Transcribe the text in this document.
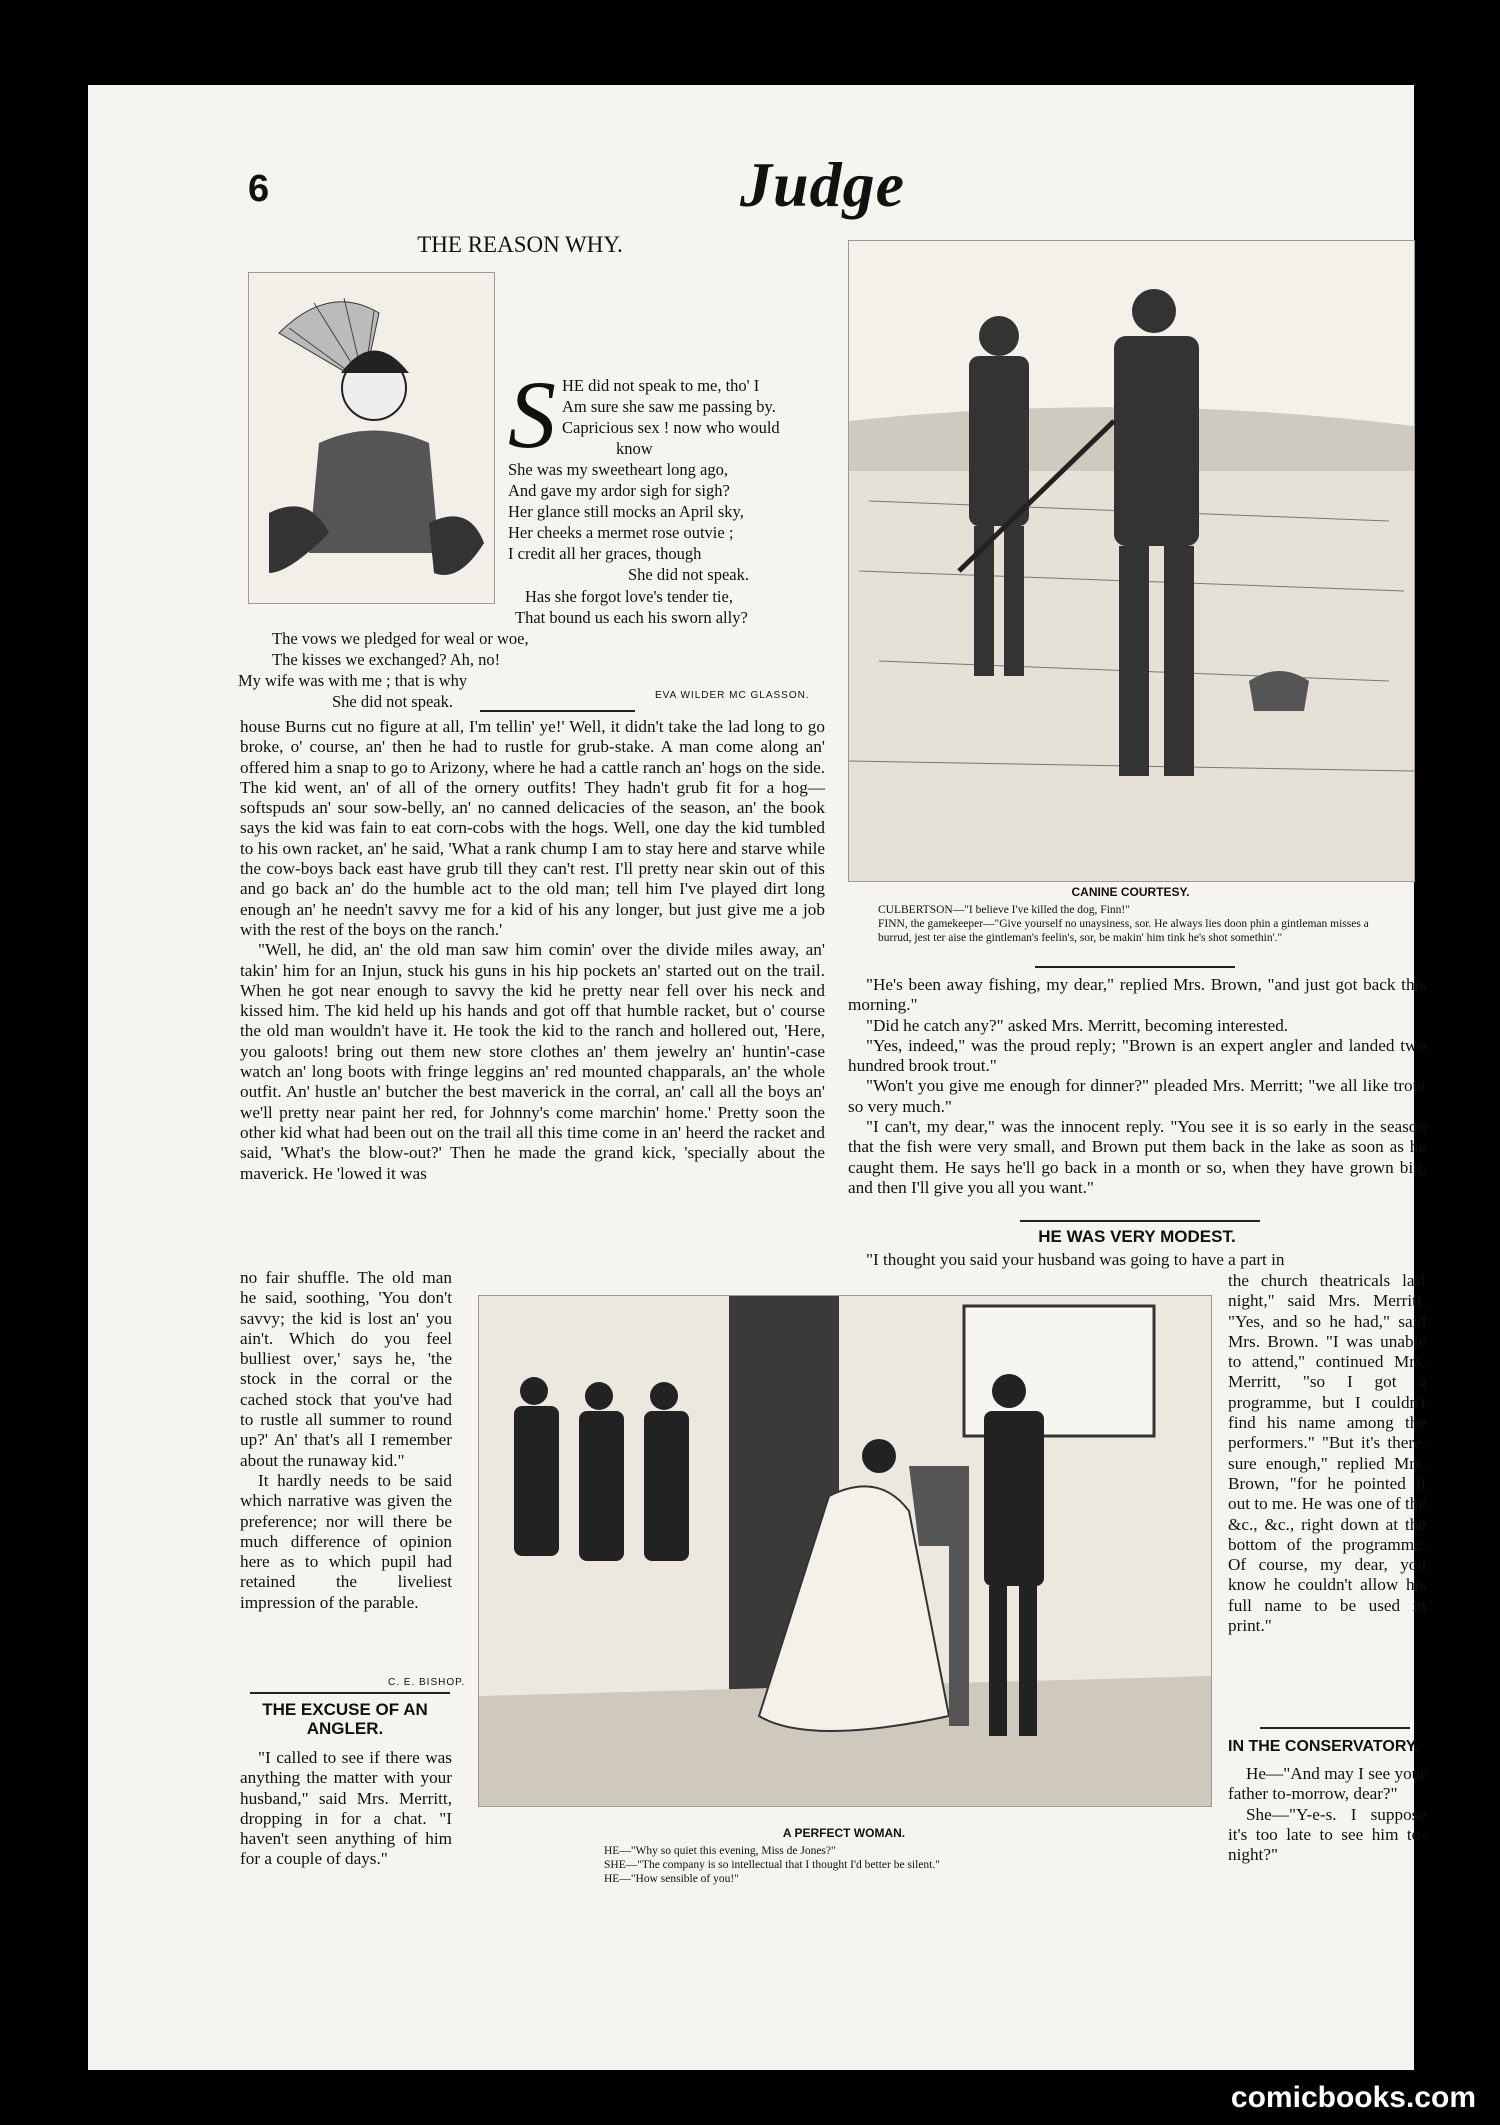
6	Judge
THE REASON WHY.
S HE did not speak to me, tho' I
Am sure she saw me passing by.
Capricious sex ! now who would
know
She was my sweetheart long ago,
And gave my ardor sigh for sigh?
Her glance still mocks an April sky,
Her cheeks a mermet rose outvie ;
I credit all her graces, though
She did not speak.
Has she forgot love's tender tie,
That bound us each his sworn ally?
The vows we pledged for weal or woe,
The kisses we exchanged? Ah, no!
My wife was with me ; that is why
She did not speak.	EVA WILDER MC GLASSON.

house Burns cut no figure at all, I'm tellin' ye!' Well, it didn't take the lad long to go broke, o' course, an' then he had to rustle for grub-stake. A man come along an' offered him a snap to go to Arizony, where he had a cattle ranch an' hogs on the side. The kid went, an' of all of the ornery outfits! They hadn't grub fit for a hog—softspuds an' sour sow-belly, an' no canned delicacies of the season, an' the book says the kid was fain to eat corn-cobs with the hogs. Well, one day the kid tumbled to his own racket, an' he said, 'What a rank chump I am to stay here and starve while the cow-boys back east have grub till they can't rest. I'll pretty near skin out of this and go back an' do the humble act to the old man; tell him I've played dirt long enough an' he needn't savvy me for a kid of his any longer, but just give me a job with the rest of the boys on the ranch.'

"Well, he did, an' the old man saw him comin' over the divide miles away, an' takin' him for an Injun, stuck his guns in his hip pockets an' started out on the trail. When he got near enough to savvy the kid he pretty near fell over his neck and kissed him. The kid held up his hands and got off that humble racket, but o' course the old man wouldn't have it. He took the kid to the ranch and hollered out, 'Here, you galoots! bring out them new store clothes an' them jewelry an' huntin'-case watch an' long boots with fringe leggins an' red mounted chapparals, an' the whole outfit. An' hustle an' butcher the best maverick in the corral, an' call all the boys an' we'll pretty near paint her red, for Johnny's come marchin' home.' Pretty soon the other kid what had been out on the trail all this time come in an' heerd the racket and said, 'What's the blow-out?' Then he made the grand kick, 'specially about the maverick. He 'lowed it was

no fair shuffle. The old man he said, soothing, 'You don't savvy; the kid is lost an' you ain't. Which do you feel bulliest over,' says he, 'the stock in the corral or the cached stock that you've had to rustle all summer to round up?' An' that's all I remember about the runaway kid."

It hardly needs to be said which narrative was given the preference; nor will there be much difference of opinion here as to which pupil had retained the liveliest impression of the parable.

C. E. BISHOP.
THE EXCUSE OF AN ANGLER.

"I called to see if there was anything the matter with your husband," said Mrs. Merritt, dropping in for a chat. "I haven't seen anything of him for a couple of days."

CANINE COURTESY.
CULBERTSON—"I believe I've killed the dog, Finn!"
FINN, the gamekeeper—"Give yourself no unaysiness, sor. He always lies doon phin a gintleman misses a burrud, jest ter aise the gintleman's feelin's, sor, be makin' him tink he's shot somethin'."

"He's been away fishing, my dear," replied Mrs. Brown, "and just got back this morning."

"Did he catch any?" asked Mrs. Merritt, becoming interested.

"Yes, indeed," was the proud reply; "Brown is an expert angler and landed two hundred brook trout."

"Won't you give me enough for dinner?" pleaded Mrs. Merritt; "we all like trout so very much."

"I can't, my dear," was the innocent reply. "You see it is so early in the season that the fish were very small, and Brown put them back in the lake as soon as he caught them. He says he'll go back in a month or so, when they have grown big, and then I'll give you all you want."

HE WAS VERY MODEST.

"I thought you said your husband was going to have a part in

the church theatricals last night," said Mrs. Merritt. "Yes, and so he had," said Mrs. Brown. "I was unable to attend," continued Mrs. Merritt, "so I got a programme, but I couldn't find his name among the performers." "But it's there, sure enough," replied Mrs. Brown, "for he pointed it out to me. He was one of the &c., &c., right down at the bottom of the programme. Of course, my dear, you know he couldn't allow his full name to be used in print."

A PERFECT WOMAN.
HE—"Why so quiet this evening, Miss de Jones?"
SHE—"The company is so intellectual that I thought I'd better be silent."
HE—"How sensible of you!"
IN THE CONSERVATORY.

He—"And may I see your father to-morrow, dear?"

She—"Y-e-s. I suppose it's too late to see him to-night?"

comicbooks.com
